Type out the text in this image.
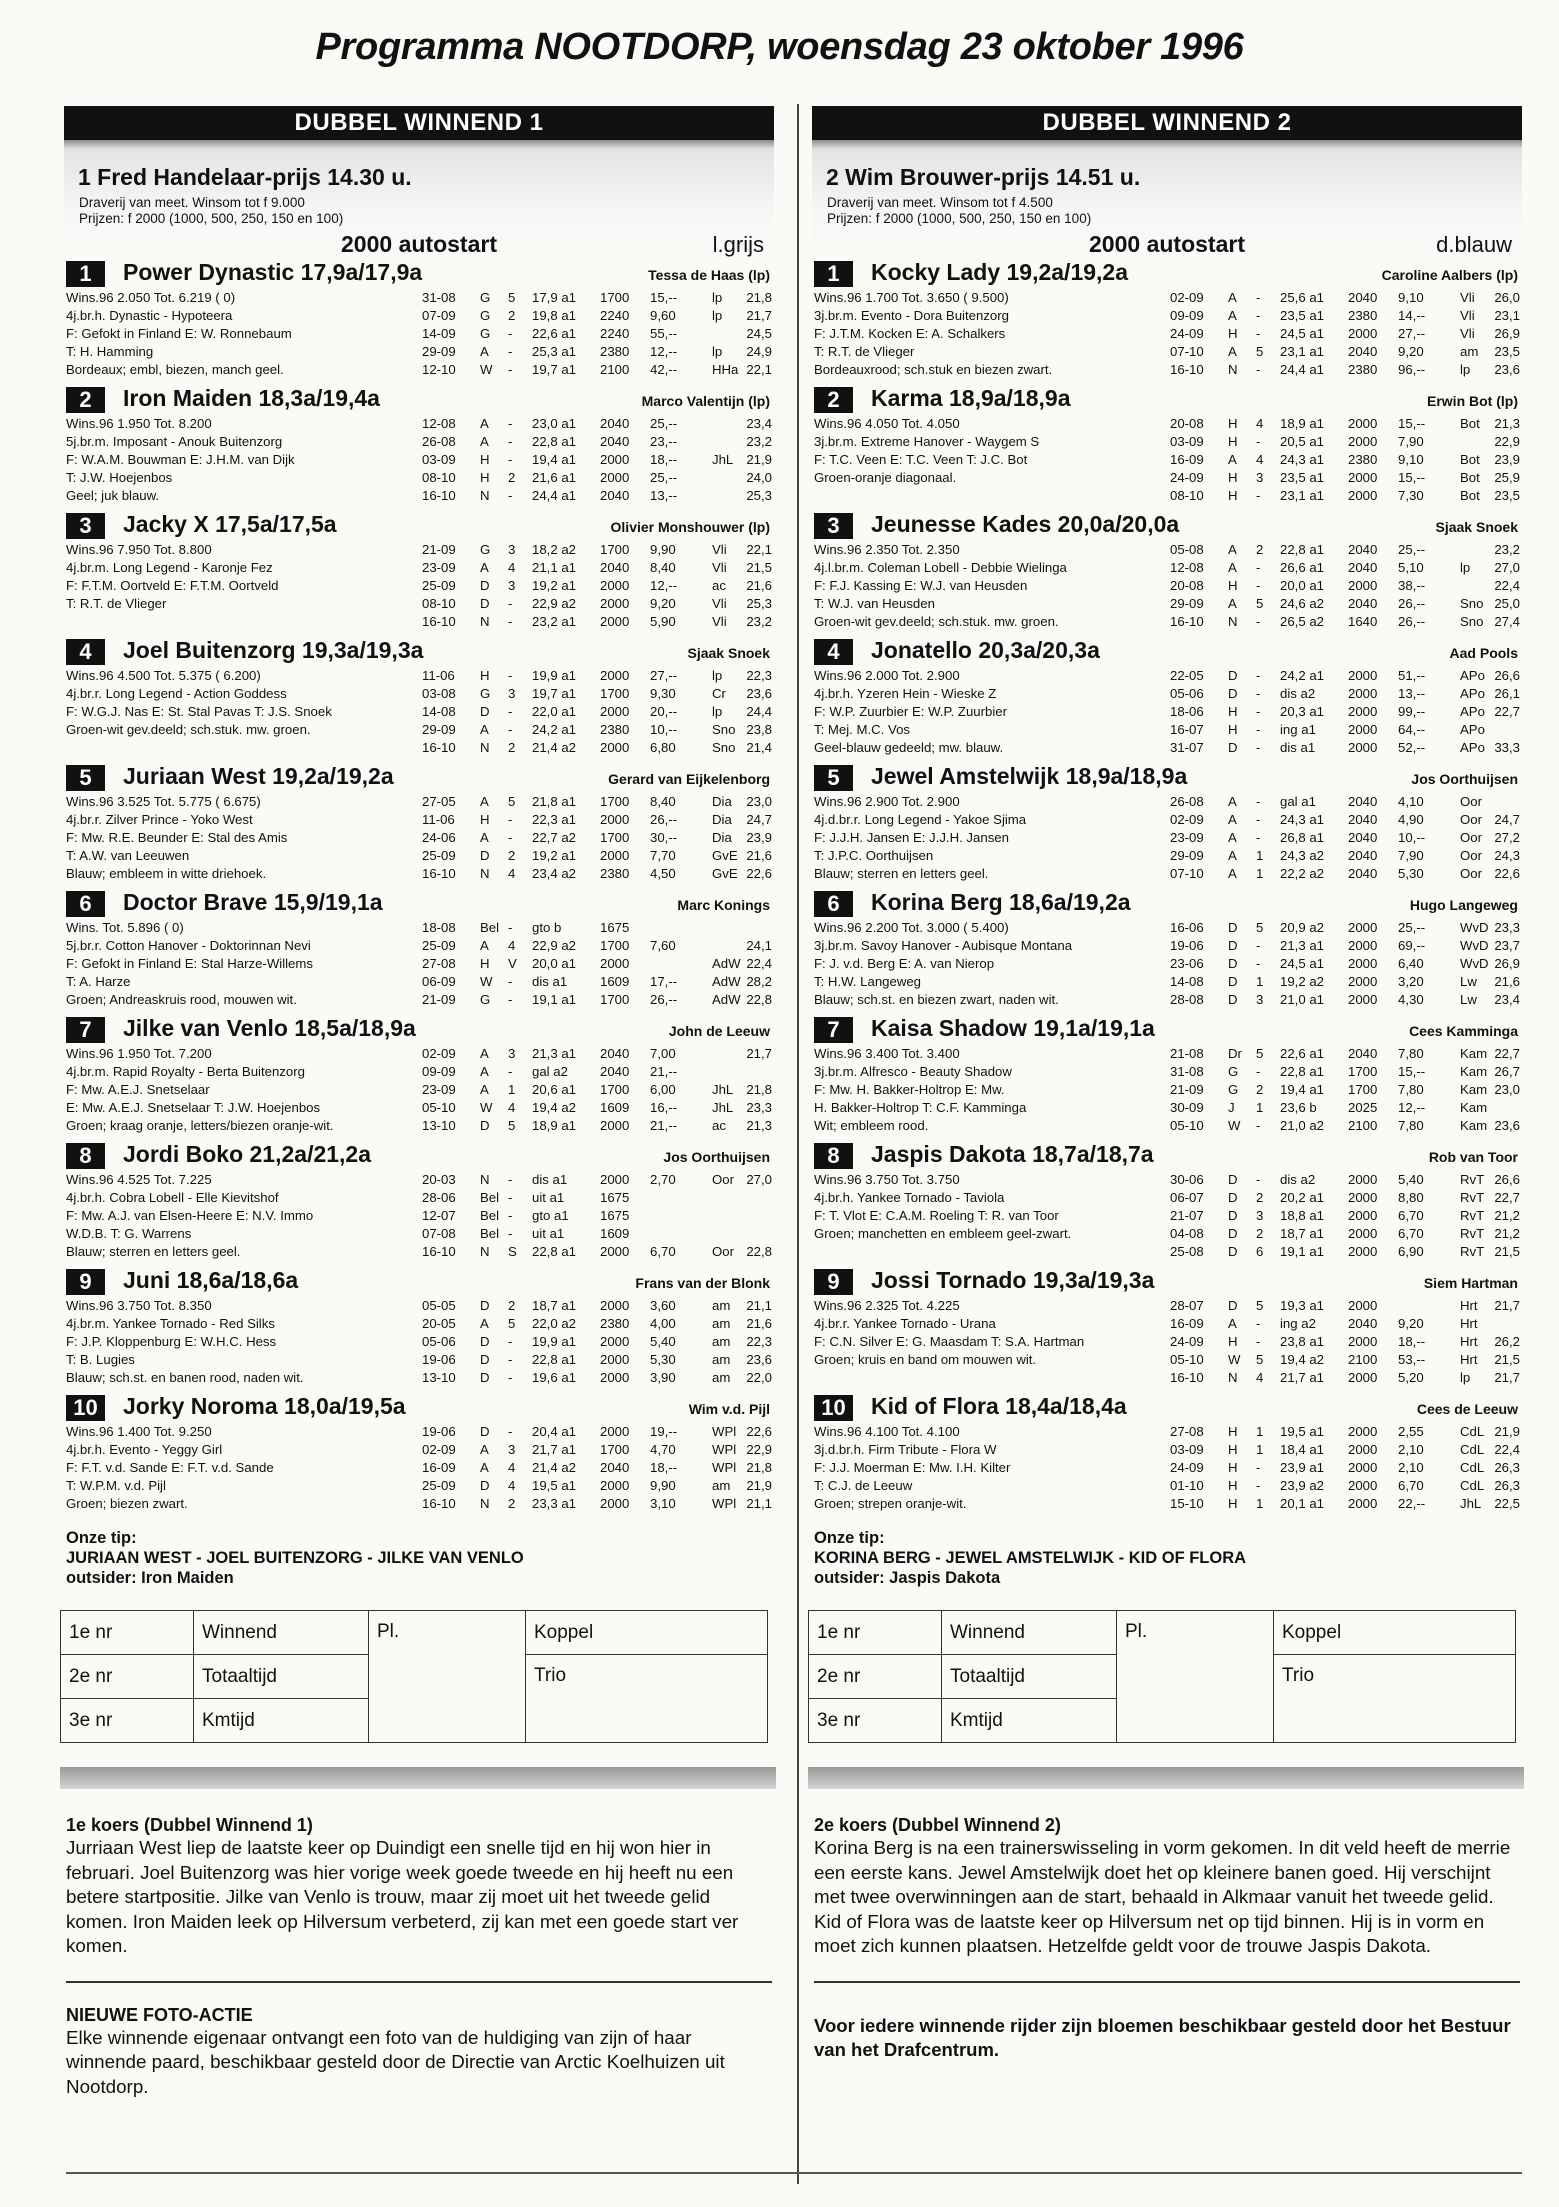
Programma NOOTDORP, woensdag 23 oktober 1996
DUBBEL WINNEND 1
1 Fred Handelaar-prijs 14.30 u.
Draverij van meet. Winsom tot f 9.000
Prijzen: f 2000 (1000, 500, 250, 150 en 100)
2000 autostart	l.grijs
1	Power Dynastic 17,9a/17,9a	Tessa de Haas (lp)
Wins.96 2.050 Tot. 6.219 ( 0)	31-08 G 5 17,9 a1 1700 15,--	lp 21,8
4j.br.h. Dynastic - Hypoteera	07-09 G 2 19,8 a1 2240 9,60	lp 21,7
F: Gefokt in Finland E: W. Ronnebaum	14-09 G - 22,6 a1 2240 55,--	24,5
T: H. Hamming	29-09 A - 25,3 a1 2380 12,--	lp 24,9
Bordeaux; embl, biezen, manch geel.	12-10 W - 19,7 a1 2100 42,--	HHa 22,1
2	Iron Maiden 18,3a/19,4a	Marco Valentijn (lp)
Wins.96 1.950 Tot. 8.200	12-08 A - 23,0 a1 2040 25,--	23,4
5j.br.m. Imposant - Anouk Buitenzorg	26-08 A - 22,8 a1 2040 23,--	23,2
F: W.A.M. Bouwman E: J.H.M. van Dijk	03-09 H - 19,4 a1 2000 18,--	JhL 21,9
T: J.W. Hoejenbos	08-10 H 2 21,6 a1 2000 25,--	24,0
Geel; juk blauw.	16-10 N - 24,4 a1 2040 13,--	25,3
3	Jacky X 17,5a/17,5a	Olivier Monshouwer (lp)
Wins.96 7.950 Tot. 8.800	21-09 G 3 18,2 a2 1700 9,90	Vli 22,1
4j.br.m. Long Legend - Karonje Fez	23-09 A 4 21,1 a1 2040 8,40	Vli 21,5
F: F.T.M. Oortveld E: F.T.M. Oortveld	25-09 D 3 19,2 a1 2000 12,--	ac 21,6
T: R.T. de Vlieger	08-10 D - 22,9 a2 2000 9,20	Vli 25,3
16-10 N - 23,2 a1 2000 5,90	Vli 23,2
4	Joel Buitenzorg 19,3a/19,3a	Sjaak Snoek
Wins.96 4.500 Tot. 5.375 ( 6.200)	11-06 H - 19,9 a1 2000 27,--	lp 22,3
4j.br.r. Long Legend - Action Goddess	03-08 G 3 19,7 a1 1700 9,30	Cr 23,6
F: W.G.J. Nas E: St. Stal Pavas T: J.S. Snoek	14-08 D - 22,0 a1 2000 20,--	lp 24,4
Groen-wit gev.deeld; sch.stuk. mw. groen.	29-09 A - 24,2 a1 2380 10,--	Sno 23,8
16-10 N 2 21,4 a2 2000 6,80	Sno 21,4
5	Juriaan West 19,2a/19,2a	Gerard van Eijkelenborg
Wins.96 3.525 Tot. 5.775 ( 6.675)	27-05 A 5 21,8 a1 1700 8,40	Dia 23,0
4j.br.r. Zilver Prince - Yoko West	11-06 H - 22,3 a1 2000 26,--	Dia 24,7
F: Mw. R.E. Beunder E: Stal des Amis	24-06 A - 22,7 a2 1700 30,--	Dia 23,9
T: A.W. van Leeuwen	25-09 D 2 19,2 a1 2000 7,70	GvE 21,6
Blauw; embleem in witte driehoek.	16-10 N 4 23,4 a2 2380 4,50	GvE 22,6
6	Doctor Brave 15,9/19,1a	Marc Konings
Wins. Tot. 5.896 ( 0)	18-08 Bel - gto b	1675
5j.br.r. Cotton Hanover - Doktorinnan Nevi	25-09 A 4 22,9 a2 1700 7,60	24,1
F: Gefokt in Finland E: Stal Harze-Willems	27-08 H V 20,0 a1 2000	AdW 22,4
T: A. Harze	06-09 W - dis a1 1609 17,--	AdW 28,2
Groen; Andreaskruis rood, mouwen wit.	21-09 G - 19,1 a1 1700 26,--	AdW 22,8
7	Jilke van Venlo 18,5a/18,9a	John de Leeuw
Wins.96 1.950 Tot. 7.200	02-09 A 3 21,3 a1 2040 7,00	21,7
4j.br.m. Rapid Royalty - Berta Buitenzorg	09-09 A - gal a2 2040 21,--
F: Mw. A.E.J. Snetselaar	23-09 A 1 20,6 a1 1700 6,00	JhL 21,8
E: Mw. A.E.J. Snetselaar T: J.W. Hoejenbos	05-10 W 4 19,4 a2 1609 16,--	JhL 23,3
Groen; kraag oranje, letters/biezen oranje-wit.	13-10 D 5 18,9 a1 2000 21,--	ac 21,3
8	Jordi Boko 21,2a/21,2a	Jos Oorthuijsen
Wins.96 4.525 Tot. 7.225	20-03 N - dis a1 2000 2,70	Oor 27,0
4j.br.h. Cobra Lobell - Elle Kievitshof	28-06 Bel - uit a1	1675
F: Mw. A.J. van Elsen-Heere E: N.V. Immo	12-07 Bel - gto a1 1675
W.D.B. T: G. Warrens	07-08 Bel - uit a1	1609
Blauw; sterren en letters geel.	16-10 N S 22,8 a1 2000 6,70	Oor 22,8
9	Juni 18,6a/18,6a	Frans van der Blonk
Wins.96 3.750 Tot. 8.350	05-05 D 2 18,7 a1 2000 3,60	am 21,1
4j.br.m. Yankee Tornado - Red Silks	20-05 A 5 22,0 a2 2380 4,00	am 21,6
F: J.P. Kloppenburg E: W.H.C. Hess	05-06 D - 19,9 a1 2000 5,40	am 22,3
T: B. Lugies	19-06 D - 22,8 a1 2000 5,30	am 23,6
Blauw; sch.st. en banen rood, naden wit.	13-10 D - 19,6 a1 2000 3,90	am 22,0
10	Jorky Noroma 18,0a/19,5a	Wim v.d. Pijl
Wins.96 1.400 Tot. 9.250	19-06 D - 20,4 a1 2000 19,--	WPl 22,6
4j.br.h. Evento - Yeggy Girl	02-09 A 3 21,7 a1 1700 4,70	WPl 22,9
F: F.T. v.d. Sande E: F.T. v.d. Sande	16-09 A 4 21,4 a2 2040 18,--	WPl 21,8
T: W.P.M. v.d. Pijl	25-09 D 4 19,5 a1 2000 9,90	am 21,9
Groen; biezen zwart.	16-10 N 2 23,3 a1 2000 3,10	WPl 21,1
Onze tip:
JURIAAN WEST - JOEL BUITENZORG - JILKE VAN VENLO
outsider: Iron Maiden
1e nr	Winnend	Pl.	Koppel
2e nr	Totaaltijd		Trio
3e nr	Kmtijd		
1e koers (Dubbel Winnend 1)
Jurriaan West liep de laatste keer op Duindigt een snelle tijd en hij won hier in februari. Joel Buitenzorg was hier vorige week goede tweede en hij heeft nu een betere startpositie. Jilke van Venlo is trouw, maar zij moet uit het tweede gelid komen. Iron Maiden leek op Hilversum verbeterd, zij kan met een goede start ver komen.
NIEUWE FOTO-ACTIE
Elke winnende eigenaar ontvangt een foto van de huldiging van zijn of haar winnende paard, beschikbaar gesteld door de Directie van Arctic Koelhuizen uit Nootdorp.
DUBBEL WINNEND 2
2 Wim Brouwer-prijs 14.51 u.
Draverij van meet. Winsom tot f 4.500
Prijzen: f 2000 (1000, 500, 250, 150 en 100)
2000 autostart	d.blauw
1	Kocky Lady 19,2a/19,2a	Caroline Aalbers (lp)
Wins.96 1.700 Tot. 3.650 ( 9.500)	02-09 A - 25,6 a1 2040 9,10	Vli 26,0
3j.br.m. Evento - Dora Buitenzorg	09-09 A - 23,5 a1 2380 14,--	Vli 23,1
F: J.T.M. Kocken E: A. Schalkers	24-09 H - 24,5 a1 2000 27,--	Vli 26,9
T: R.T. de Vlieger	07-10 A 5 23,1 a1 2040 9,20	am 23,5
Bordeauxrood; sch.stuk en biezen zwart.	16-10 N - 24,4 a1 2380 96,--	lp 23,6
2	Karma 18,9a/18,9a	Erwin Bot (lp)
Wins.96 4.050 Tot. 4.050	20-08 H 4 18,9 a1 2000 15,--	Bot 21,3
3j.br.m. Extreme Hanover - Waygem S	03-09 H - 20,5 a1 2000 7,90	22,9
F: T.C. Veen E: T.C. Veen T: J.C. Bot	16-09 A 4 24,3 a1 2380 9,10	Bot 23,9
Groen-oranje diagonaal.	24-09 H 3 23,5 a1 2000 15,--	Bot 25,9
08-10 H - 23,1 a1 2000 7,30	Bot 23,5
3	Jeunesse Kades 20,0a/20,0a	Sjaak Snoek
Wins.96 2.350 Tot. 2.350	05-08 A 2 22,8 a1 2040 25,--	23,2
4j.l.br.m. Coleman Lobell - Debbie Wielinga	12-08 A - 26,6 a1 2040 5,10	lp 27,0
F: F.J. Kassing E: W.J. van Heusden	20-08 H - 20,0 a1 2000 38,--	22,4
T: W.J. van Heusden	29-09 A 5 24,6 a2 2040 26,--	Sno 25,0
Groen-wit gev.deeld; sch.stuk. mw. groen.	16-10 N - 26,5 a2 1640 26,--	Sno 27,4
4	Jonatello 20,3a/20,3a	Aad Pools
Wins.96 2.000 Tot. 2.900	22-05 D - 24,2 a1 2000 51,--	APo 26,6
4j.br.h. Yzeren Hein - Wieske Z	05-06 D - dis a2 2000 13,--	APo 26,1
F: W.P. Zuurbier E: W.P. Zuurbier	18-06 H - 20,3 a1 2000 99,--	APo 22,7
T: Mej. M.C. Vos	16-07 H - ing a1 2000 64,--	APo
Geel-blauw gedeeld; mw. blauw.	31-07 D - dis a1 2000 52,--	APo 33,3
5	Jewel Amstelwijk 18,9a/18,9a	Jos Oorthuijsen
Wins.96 2.900 Tot. 2.900	26-08 A - gal a1 2040 4,10	Oor
4j.d.br.r. Long Legend - Yakoe Sjima	02-09 A - 24,3 a1 2040 4,90	Oor 24,7
F: J.J.H. Jansen E: J.J.H. Jansen	23-09 A - 26,8 a1 2040 10,--	Oor 27,2
T: J.P.C. Oorthuijsen	29-09 A 1 24,3 a2 2040 7,90	Oor 24,3
Blauw; sterren en letters geel.	07-10 A 1 22,2 a2 2040 5,30	Oor 22,6
6	Korina Berg 18,6a/19,2a	Hugo Langeweg
Wins.96 2.200 Tot. 3.000 ( 5.400)	16-06 D 5 20,9 a2 2000 25,--	WvD 23,3
3j.br.m. Savoy Hanover - Aubisque Montana	19-06 D - 21,3 a1 2000 69,--	WvD 23,7
F: J. v.d. Berg E: A. van Nierop	23-06 D - 24,5 a1 2000 6,40	WvD 26,9
T: H.W. Langeweg	14-08 D 1 19,2 a2 2000 3,20	Lw 21,6
Blauw; sch.st. en biezen zwart, naden wit.	28-08 D 3 21,0 a1 2000 4,30	Lw 23,4
7	Kaisa Shadow 19,1a/19,1a	Cees Kamminga
Wins.96 3.400 Tot. 3.400	21-08 Dr 5 22,6 a1 2040 7,80	Kam 22,7
3j.br.m. Alfresco - Beauty Shadow	31-08 G - 22,8 a1 1700 15,--	Kam 26,7
F: Mw. H. Bakker-Holtrop E: Mw.	21-09 G 2 19,4 a1 1700 7,80	Kam 23,0
H. Bakker-Holtrop T: C.F. Kamminga	30-09 J 1 23,6 b 2025 12,--	Kam
Wit; embleem rood.	05-10 W - 21,0 a2 2100 7,80	Kam 23,6
8	Jaspis Dakota 18,7a/18,7a	Rob van Toor
Wins.96 3.750 Tot. 3.750	30-06 D - dis a2 2000 5,40	RvT 26,6
4j.br.h. Yankee Tornado - Taviola	06-07 D 2 20,2 a1 2000 8,80	RvT 22,7
F: T. Vlot E: C.A.M. Roeling T: R. van Toor	21-07 D 3 18,8 a1 2000 6,70	RvT 21,2
Groen; manchetten en embleem geel-zwart.	04-08 D 2 18,7 a1 2000 6,70	RvT 21,2
25-08 D 6 19,1 a1 2000 6,90	RvT 21,5
9	Jossi Tornado 19,3a/19,3a	Siem Hartman
Wins.96 2.325 Tot. 4.225	28-07 D 5 19,3 a1 2000	Hrt 21,7
4j.br.r. Yankee Tornado - Urana	16-09 A - ing a2 2040 9,20	Hrt
F: C.N. Silver E: G. Maasdam T: S.A. Hartman	24-09 H - 23,8 a1 2000 18,--	Hrt 26,2
Groen; kruis en band om mouwen wit.	05-10 W 5 19,4 a2 2100 53,--	Hrt 21,5
16-10 N 4 21,7 a1 2000 5,20	lp 21,7
10	Kid of Flora 18,4a/18,4a	Cees de Leeuw
Wins.96 4.100 Tot. 4.100	27-08 H 1 19,5 a1 2000 2,55	CdL 21,9
3j.d.br.h. Firm Tribute - Flora W	03-09 H 1 18,4 a1 2000 2,10	CdL 22,4
F: J.J. Moerman E: Mw. I.H. Kilter	24-09 H - 23,9 a1 2000 2,10	CdL 26,3
T: C.J. de Leeuw	01-10 H - 23,9 a2 2000 6,70	CdL 26,3
Groen; strepen oranje-wit.	15-10 H 1 20,1 a1 2000 22,--	JhL 22,5
Onze tip:
KORINA BERG - JEWEL AMSTELWIJK - KID OF FLORA
outsider: Jaspis Dakota
1e nr	Winnend	Pl.	Koppel
2e nr	Totaaltijd		Trio
3e nr	Kmtijd		
2e koers (Dubbel Winnend 2)
Korina Berg is na een trainerswisseling in vorm gekomen. In dit veld heeft de merrie een eerste kans. Jewel Amstelwijk doet het op kleinere banen goed. Hij verschijnt met twee overwinningen aan de start, behaald in Alkmaar vanuit het tweede gelid. Kid of Flora was de laatste keer op Hilversum net op tijd binnen. Hij is in vorm en moet zich kunnen plaatsen. Hetzelfde geldt voor de trouwe Jaspis Dakota.
Voor iedere winnende rijder zijn bloemen beschikbaar gesteld door het Bestuur van het Drafcentrum.
